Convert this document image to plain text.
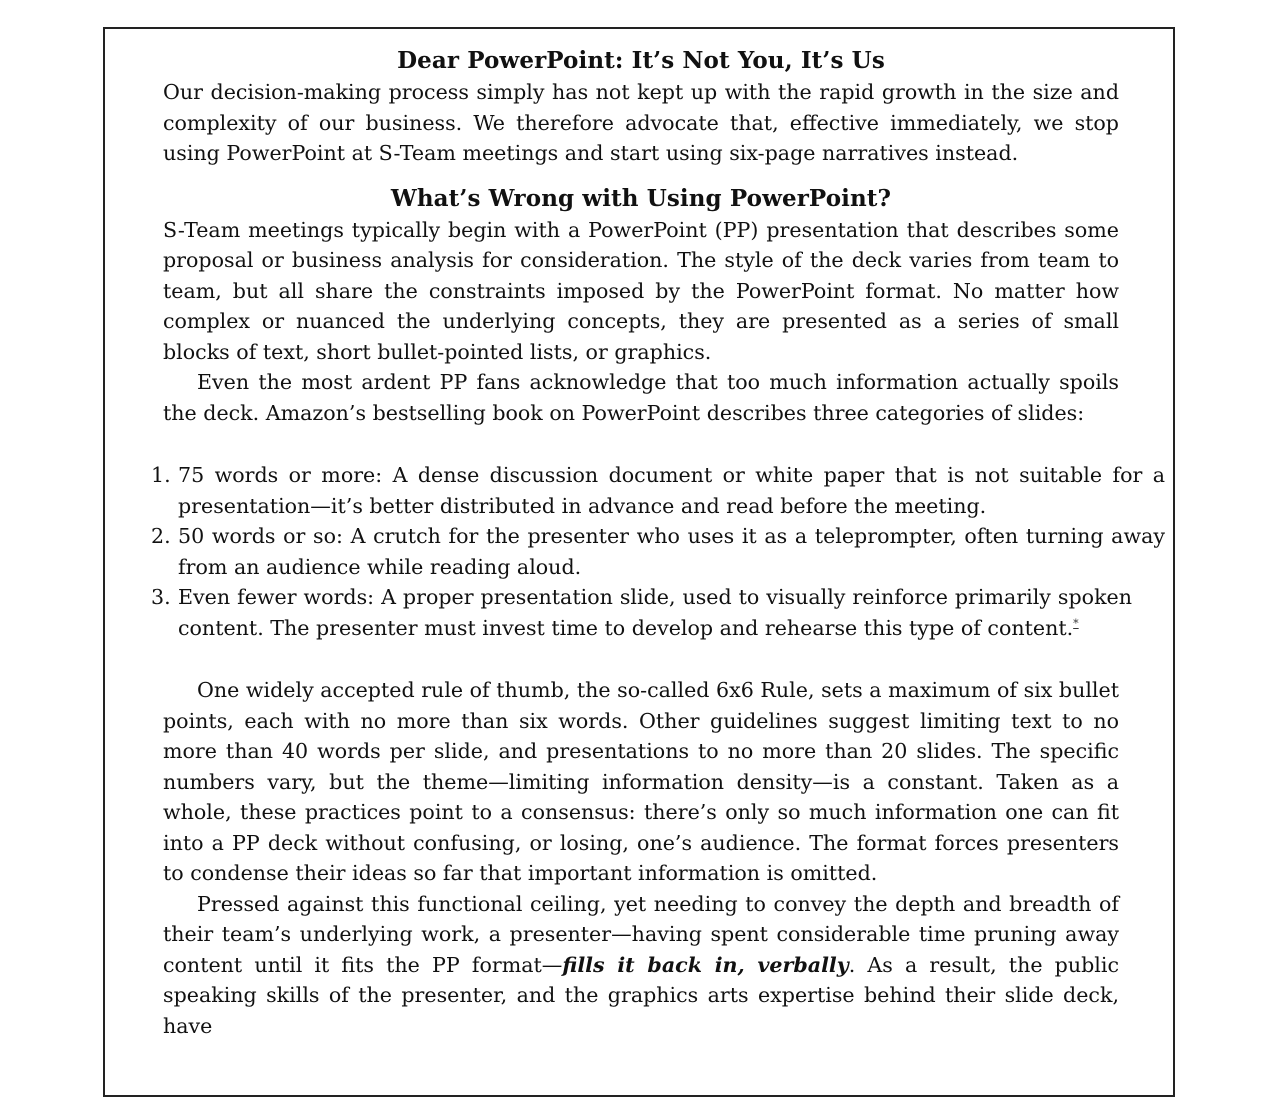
Dear PowerPoint: It’s Not You, It’s Us

Our decision-making process simply has not kept up with the rapid growth in the size and complexity of our business. We therefore advocate that, effective immediately, we stop using PowerPoint at S-Team meetings and start using six-page narratives instead.

What’s Wrong with Using PowerPoint?

S-Team meetings typically begin with a PowerPoint (PP) presentation that describes some proposal or business analysis for consideration. The style of the deck varies from team to team, but all share the constraints imposed by the PowerPoint format. No matter how complex or nuanced the underlying concepts, they are presented as a series of small blocks of text, short bullet-pointed lists, or graphics.

Even the most ardent PP fans acknowledge that too much information actually spoils the deck. Amazon’s bestselling book on PowerPoint describes three categories of slides:

1. 75 words or more: A dense discussion document or white paper that is not suitable for a presentation—it’s better distributed in advance and read before the meeting.
2. 50 words or so: A crutch for the presenter who uses it as a teleprompter, often turning away from an audience while reading aloud.
3. Even fewer words: A proper presentation slide, used to visually reinforce primarily spoken content. The presenter must invest time to develop and rehearse this type of content.*

One widely accepted rule of thumb, the so-called 6x6 Rule, sets a maximum of six bullet points, each with no more than six words. Other guidelines suggest limiting text to no more than 40 words per slide, and presentations to no more than 20 slides. The specific numbers vary, but the theme—limiting information density—is a constant. Taken as a whole, these practices point to a consensus: there’s only so much information one can fit into a PP deck without confusing, or losing, one’s audience. The format forces presenters to condense their ideas so far that important information is omitted.

Pressed against this functional ceiling, yet needing to convey the depth and breadth of their team’s underlying work, a presenter—having spent considerable time pruning away content until it fits the PP format—fills it back in, verbally. As a result, the public speaking skills of the presenter, and the graphics arts expertise behind their slide deck, have
